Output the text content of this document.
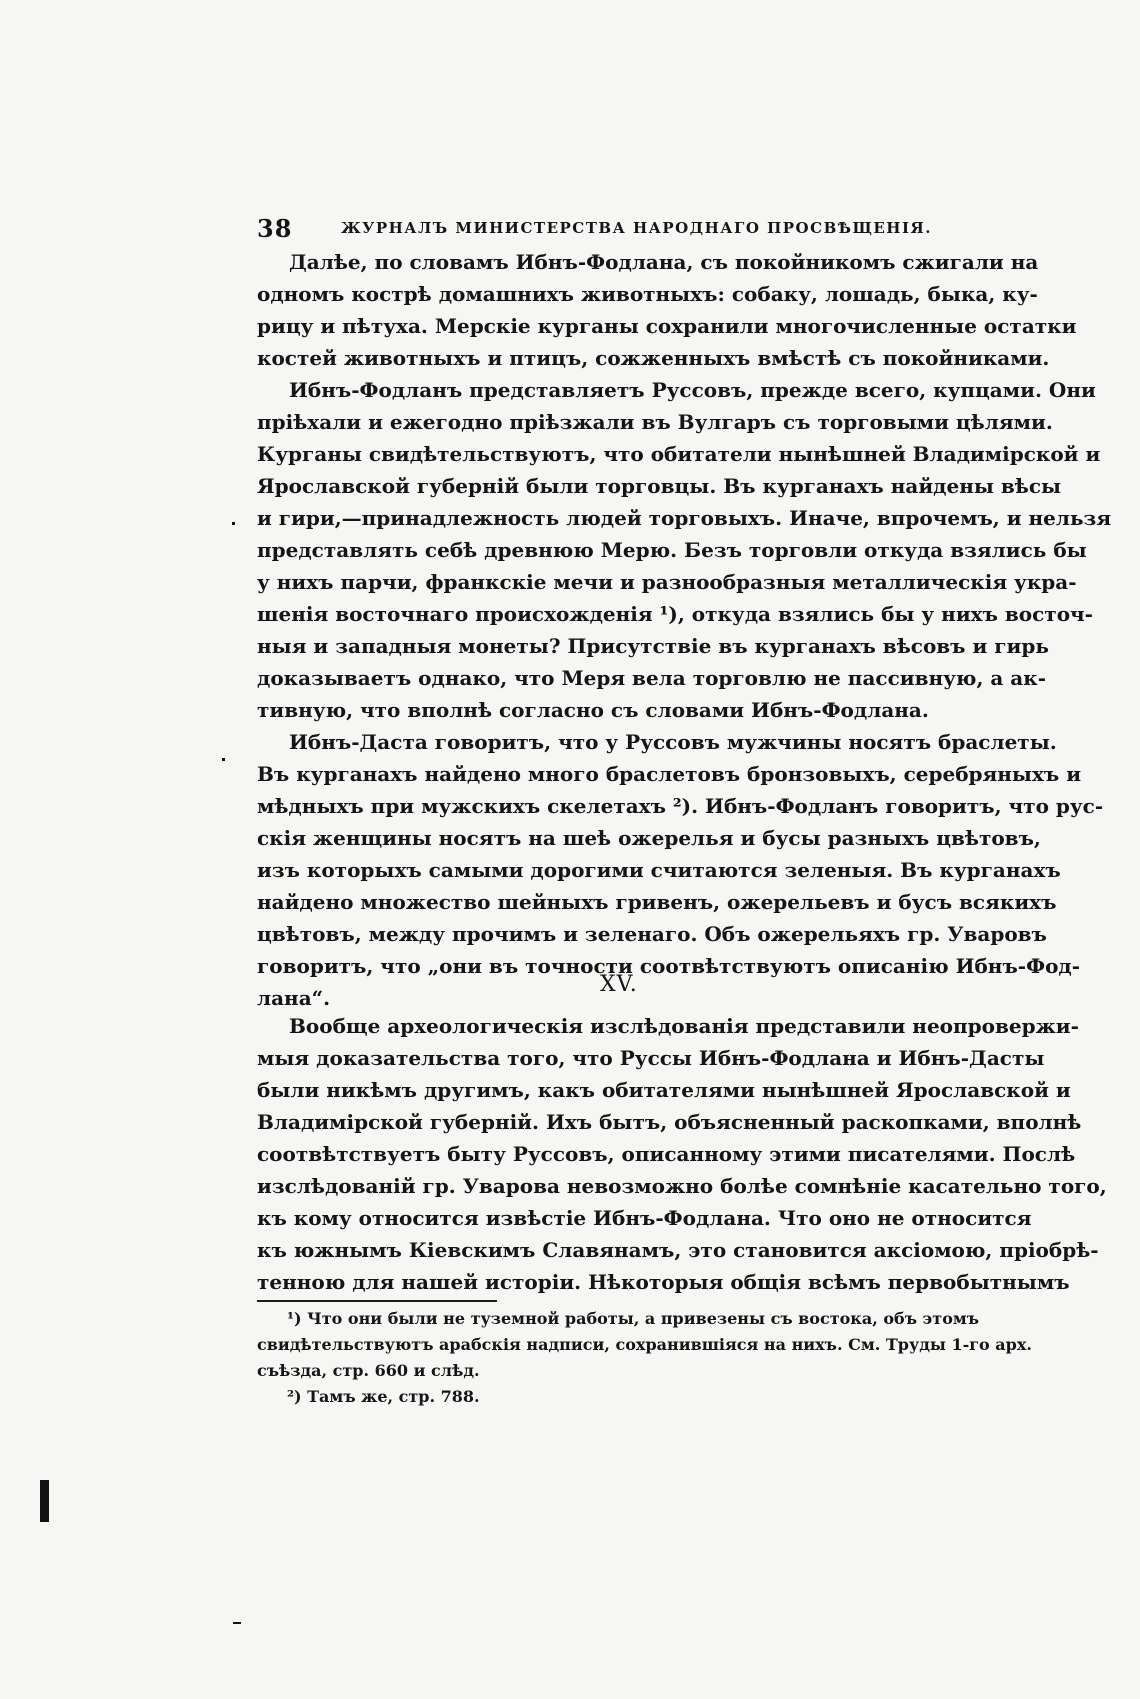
38	ЖУРНАЛЪ МИНИСТЕРСТВА НАРОДНАГО ПРОСВѢЩЕНІЯ.
Далѣе, по словамъ Ибнъ-Фодлана, съ покойникомъ сжигали на
одномъ кострѣ домашнихъ животныхъ: собаку, лошадь, быка, ку-
рицу и пѣтуха. Мерскіе курганы сохранили многочисленные остатки
костей животныхъ и птицъ, сожженныхъ вмѣстѣ съ покойниками.
Ибнъ-Фодланъ представляетъ Руссовъ, прежде всего, купцами. Они
пріѣхали и ежегодно пріѣзжали въ Вулгаръ съ торговыми цѣлями.
Курганы свидѣтельствуютъ, что обитатели нынѣшней Владимірской и
Ярославской губерній были торговцы. Въ курганахъ найдены вѣсы
и гири,—принадлежность людей торговыхъ. Иначе, впрочемъ, и нельзя
представлять себѣ древнюю Мерю. Безъ торговли откуда взялись бы
у нихъ парчи, франкскіе мечи и разнообразныя металлическія укра-
шенія восточнаго происхожденія ¹), откуда взялись бы у нихъ восточ-
ныя и западныя монеты? Присутствіе въ курганахъ вѣсовъ и гирь
доказываетъ однако, что Меря вела торговлю не пассивную, а ак-
тивную, что вполнѣ согласно съ словами Ибнъ-Фодлана.
Ибнъ-Даста говоритъ, что у Руссовъ мужчины носятъ браслеты.
Въ курганахъ найдено много браслетовъ бронзовыхъ, серебряныхъ и
мѣдныхъ при мужскихъ скелетахъ ²). Ибнъ-Фодланъ говоритъ, что рус-
скія женщины носятъ на шеѣ ожерелья и бусы разныхъ цвѣтовъ,
изъ которыхъ самыми дорогими считаются зеленыя. Въ курганахъ
найдено множество шейныхъ гривенъ, ожерельевъ и бусъ всякихъ
цвѣтовъ, между прочимъ и зеленаго. Объ ожерельяхъ гр. Уваровъ
говоритъ, что „они въ точности соотвѣтствуютъ описанію Ибнъ-Фод-
лана“.
XV.
Вообще археологическія изслѣдованія представили неопровержи-
мыя доказательства того, что Руссы Ибнъ-Фодлана и Ибнъ-Дасты
были никѣмъ другимъ, какъ обитателями нынѣшней Ярославской и
Владимірской губерній. Ихъ бытъ, объясненный раскопками, вполнѣ
соотвѣтствуетъ быту Руссовъ, описанному этими писателями. Послѣ
изслѣдованій гр. Уварова невозможно болѣе сомнѣніе касательно того,
къ кому относится извѣстіе Ибнъ-Фодлана. Что оно не относится
къ южнымъ Кіевскимъ Славянамъ, это становится аксіомою, пріобрѣ-
тенною для нашей исторіи. Нѣкоторыя общія всѣмъ первобытнымъ
¹) Что они были не туземной работы, а привезены съ востока, объ этомъ
свидѣтельствуютъ арабскія надписи, сохранившіяся на нихъ. См. Труды 1-го арх.
съѣзда, стр. 660 и слѣд.
²) Тамъ же, стр. 788.
